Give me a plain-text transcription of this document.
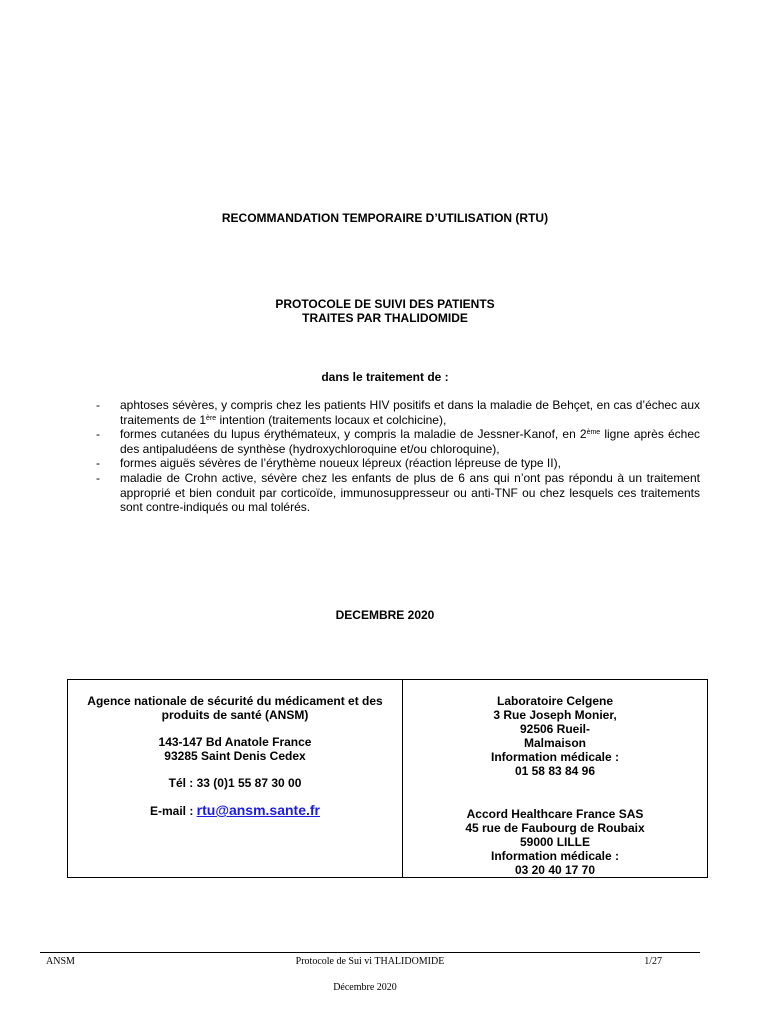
RECOMMANDATION TEMPORAIRE D’UTILISATION (RTU)
PROTOCOLE DE SUIVI DES PATIENTS
TRAITES PAR THALIDOMIDE
dans le traitement de :
- aphtoses sévères, y compris chez les patients HIV positifs et dans la maladie de Behçet, en cas d’échec aux traitements de 1ère intention (traitements locaux et colchicine),
- formes cutanées du lupus érythémateux, y compris la maladie de Jessner-Kanof, en 2ème ligne après échec des antipaludéens de synthèse (hydroxychloroquine et/ou chloroquine),
- formes aiguës sévères de l’érythème noueux lépreux (réaction lépreuse de type II),
- maladie de Crohn active, sévère chez les enfants de plus de 6 ans qui n’ont pas répondu à un traitement approprié et bien conduit par corticoïde, immunosuppresseur ou anti-TNF ou chez lesquels ces traitements sont contre-indiqués ou mal tolérés.
DECEMBRE 2020
Agence nationale de sécurité du médicament et des
produits de santé (ANSM)
143-147 Bd Anatole France
93285 Saint Denis Cedex
Tél : 33 (0)1 55 87 30 00
E-mail : rtu@ansm.sante.fr
Laboratoire Celgene
3 Rue Joseph Monier,
92506 Rueil-
Malmaison
Information médicale :
01 58 83 84 96
Accord Healthcare France SAS
45 rue de Faubourg de Roubaix
59000 LILLE
Information médicale :
03 20 40 17 70
ANSM	Protocole de Sui vi THALIDOMIDE	1/27
Décembre 2020
